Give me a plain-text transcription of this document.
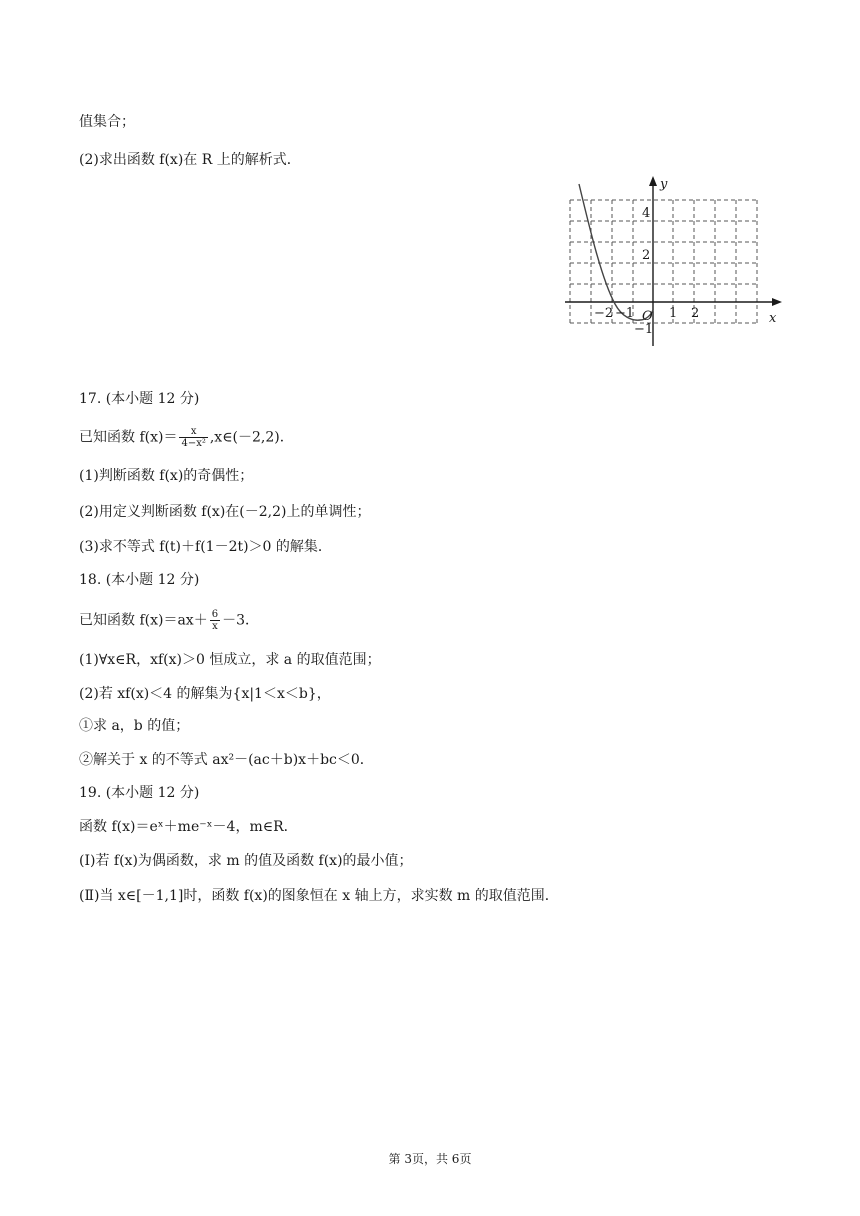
值集合；
(2)求出函数 f(x)在 R 上的解析式．
y
x
O
−2 −1	1 2
4
2
−1
17. (本小题 12 分)
已知函数 $f(x)= \frac{x}{\text{4−x²}}$ ,x∈(－2,2)．
(1)判断函数 f(x)的奇偶性；
(2)用定义判断函数 f(x)在(－2,2)上的单调性；
(3)求不等式 f(t)＋f(1－2t)＞0 的解集．
18. (本小题 12 分)
已知函数 $f(x)=ax+ \frac{6}{x} -3$．
(1)∀x∈R，xf(x)＞0 恒成立，求 a 的取值范围；
(2)若 xf(x)＜4 的解集为{x|1＜x＜b}，
①求 a，b 的值；
②解关于 x 的不等式 ax²－(ac＋b)x＋bc＜0．
19. (本小题 12 分)
函数 f(x)＝eˣ＋me⁻ˣ－4，m∈R．
(Ⅰ)若 f(x)为偶函数，求 m 的值及函数 f(x)的最小值；
(Ⅱ)当 x∈[－1,1]时，函数 f(x)的图象恒在 x 轴上方，求实数 m 的取值范围．
第 3页，共 6页
